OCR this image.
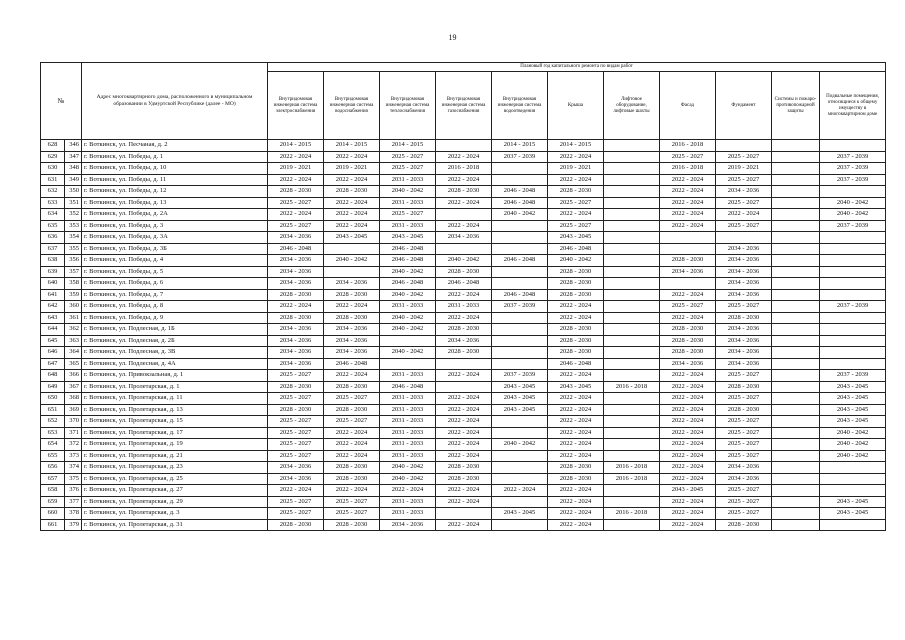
19
№		Адрес многоквартирного дома, расположенного в муниципальном образовании в Удмуртской Республике (далее - МО)	Плановый год капитального ремонта по видам работ										
			Внутридомовая инженерная система электроснабжения	Внутридомовая инженерная система водоснабжения	Внутридомовая инженерная система теплоснабжения	Внутридомовая инженерная система газоснабжения	Внутридомовая инженерная система водоотведения	Крыша	Лифтовое оборудование, лифтовые шахты	Фасад	Фундамент	Системы и пожаро- противопожарной защиты	Подвальные помещения, относящиеся к общему имуществу в многоквартирном доме
628	346	г. Воткинск, ул. Песчаная, д. 2	2014 - 2015	2014 - 2015	2014 - 2015		2014 - 2015	2014 - 2015		2016 - 2018			
629	347	г. Воткинск, ул. Победы, д. 1	2022 - 2024	2022 - 2024	2025 - 2027	2022 - 2024	2037 - 2039	2022 - 2024		2025 - 2027	2025 - 2027		2037 - 2039
630	348	г. Воткинск, ул. Победы, д. 10	2019 - 2021	2019 - 2021	2025 - 2027	2016 - 2018		2019 - 2021		2016 - 2018	2019 - 2021		2037 - 2039
631	349	г. Воткинск, ул. Победы, д. 11	2022 - 2024	2022 - 2024	2031 - 2033	2022 - 2024		2022 - 2024		2022 - 2024	2025 - 2027		2037 - 2039
632	350	г. Воткинск, ул. Победы, д. 12	2028 - 2030	2028 - 2030	2040 - 2042	2028 - 2030	2046 - 2048	2028 - 2030		2022 - 2024	2034 - 2036		
633	351	г. Воткинск, ул. Победы, д. 13	2025 - 2027	2022 - 2024	2031 - 2033	2022 - 2024	2046 - 2048	2025 - 2027		2022 - 2024	2025 - 2027		2040 - 2042
634	352	г. Воткинск, ул. Победы, д. 2А	2022 - 2024	2022 - 2024	2025 - 2027		2040 - 2042	2022 - 2024		2022 - 2024	2022 - 2024		2040 - 2042
635	353	г. Воткинск, ул. Победы, д. 3	2025 - 2027	2022 - 2024	2031 - 2033	2022 - 2024		2025 - 2027		2022 - 2024	2025 - 2027		2037 - 2039
636	354	г. Воткинск, ул. Победы, д. 3А	2034 - 2036	2043 - 2045	2043 - 2045	2034 - 2036		2043 - 2045					
637	355	г. Воткинск, ул. Победы, д. 3Б	2046 - 2048		2046 - 2048			2046 - 2048			2034 - 2036		
638	356	г. Воткинск, ул. Победы, д. 4	2034 - 2036	2040 - 2042	2046 - 2048	2040 - 2042	2046 - 2048	2040 - 2042		2028 - 2030	2034 - 2036		
639	357	г. Воткинск, ул. Победы, д. 5	2034 - 2036		2040 - 2042	2028 - 2030		2028 - 2030		2034 - 2036	2034 - 2036		
640	358	г. Воткинск, ул. Победы, д. 6	2034 - 2036	2034 - 2036	2046 - 2048	2046 - 2048		2028 - 2030			2034 - 2036		
641	359	г. Воткинск, ул. Победы, д. 7	2028 - 2030	2028 - 2030	2040 - 2042	2022 - 2024	2046 - 2048	2028 - 2030		2022 - 2024	2034 - 2036		
642	360	г. Воткинск, ул. Победы, д. 8	2022 - 2024	2022 - 2024	2031 - 2033	2031 - 2033	2037 - 2039	2022 - 2024		2025 - 2027	2025 - 2027		2037 - 2039
643	361	г. Воткинск, ул. Победы, д. 9	2028 - 2030	2028 - 2030	2040 - 2042	2022 - 2024		2022 - 2024		2022 - 2024	2028 - 2030		
644	362	г. Воткинск, ул. Подлесная, д. 1Б	2034 - 2036	2034 - 2036	2040 - 2042	2028 - 2030		2028 - 2030		2028 - 2030	2034 - 2036		
645	363	г. Воткинск, ул. Подлесная, д. 2Б	2034 - 2036	2034 - 2036		2034 - 2036		2028 - 2030		2028 - 2030	2034 - 2036		
646	364	г. Воткинск, ул. Подлесная, д. 3В	2034 - 2036	2034 - 2036	2040 - 2042	2028 - 2030		2028 - 2030		2028 - 2030	2034 - 2036		
647	365	г. Воткинск, ул. Подлесная, д. 4А	2034 - 2036	2046 - 2048				2046 - 2048		2034 - 2036	2034 - 2036		
648	366	г. Воткинск, ул. Привокзальная, д. 1	2025 - 2027	2022 - 2024	2031 - 2033	2022 - 2024	2037 - 2039	2022 - 2024		2022 - 2024	2025 - 2027		2037 - 2039
649	367	г. Воткинск, ул. Пролетарская, д. 1	2028 - 2030	2028 - 2030	2046 - 2048		2043 - 2045	2043 - 2045	2016 - 2018	2022 - 2024	2028 - 2030		2043 - 2045
650	368	г. Воткинск, ул. Пролетарская, д. 11	2025 - 2027	2025 - 2027	2031 - 2033	2022 - 2024	2043 - 2045	2022 - 2024		2022 - 2024	2025 - 2027		2043 - 2045
651	369	г. Воткинск, ул. Пролетарская, д. 13	2028 - 2030	2028 - 2030	2031 - 2033	2022 - 2024	2043 - 2045	2022 - 2024		2022 - 2024	2028 - 2030		2043 - 2045
652	370	г. Воткинск, ул. Пролетарская, д. 15	2025 - 2027	2025 - 2027	2031 - 2033	2022 - 2024		2022 - 2024		2022 - 2024	2025 - 2027		2043 - 2045
653	371	г. Воткинск, ул. Пролетарская, д. 17	2025 - 2027	2022 - 2024	2031 - 2033	2022 - 2024		2022 - 2024		2022 - 2024	2025 - 2027		2040 - 2042
654	372	г. Воткинск, ул. Пролетарская, д. 19	2025 - 2027	2022 - 2024	2031 - 2033	2022 - 2024	2040 - 2042	2022 - 2024		2022 - 2024	2025 - 2027		2040 - 2042
655	373	г. Воткинск, ул. Пролетарская, д. 21	2025 - 2027	2022 - 2024	2031 - 2033	2022 - 2024		2022 - 2024		2022 - 2024	2025 - 2027		2040 - 2042
656	374	г. Воткинск, ул. Пролетарская, д. 23	2034 - 2036	2028 - 2030	2040 - 2042	2028 - 2030		2028 - 2030	2016 - 2018	2022 - 2024	2034 - 2036		
657	375	г. Воткинск, ул. Пролетарская, д. 25	2034 - 2036	2028 - 2030	2040 - 2042	2028 - 2030		2028 - 2030	2016 - 2018	2022 - 2024	2034 - 2036		
658	376	г. Воткинск, ул. Пролетарская, д. 27	2022 - 2024	2022 - 2024	2022 - 2024	2022 - 2024	2022 - 2024	2022 - 2024		2043 - 2045	2025 - 2027		
659	377	г. Воткинск, ул. Пролетарская, д. 29	2025 - 2027	2025 - 2027	2031 - 2033	2022 - 2024		2022 - 2024		2022 - 2024	2025 - 2027		2043 - 2045
660	378	г. Воткинск, ул. Пролетарская, д. 3	2025 - 2027	2025 - 2027	2031 - 2033		2043 - 2045	2022 - 2024	2016 - 2018	2022 - 2024	2025 - 2027		2043 - 2045
661	379	г. Воткинск, ул. Пролетарская, д. 31	2028 - 2030	2028 - 2030	2034 - 2036	2022 - 2024		2022 - 2024		2022 - 2024	2028 - 2030		
